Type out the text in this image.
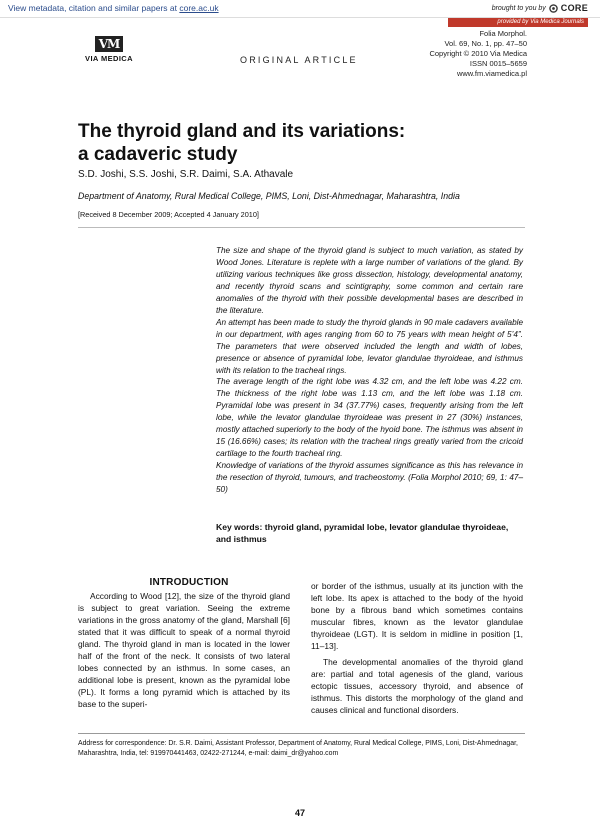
View metadata, citation and similar papers at core.ac.uk	brought to you by CORE
provided by Via Medica Journals
VM
VIA MEDICA	ORIGINAL ARTICLE
Folia Morphol.
Vol. 69, No. 1, pp. 47–50
Copyright © 2010 Via Medica
ISSN 0015–5659
www.fm.viamedica.pl
The thyroid gland and its variations:
a cadaveric study
S.D. Joshi, S.S. Joshi, S.R. Daimi, S.A. Athavale
Department of Anatomy, Rural Medical College, PIMS, Loni, Dist-Ahmednagar, Maharashtra, India
[Received 8 December 2009; Accepted 4 January 2010]

The size and shape of the thyroid gland is subject to much variation, as stated by Wood Jones. Literature is replete with a large number of variations of the gland. By utilizing various techniques like gross dissection, histology, developmental anatomy, and recently thyroid scans and scintigraphy, some common and certain rare anomalies of the thyroid with their possible developmental bases are described in the literature.

An attempt has been made to study the thyroid glands in 90 male cadavers available in our department, with ages ranging from 60 to 75 years with mean height of 5’4”. The parameters that were observed included the length and width of lobes, presence or absence of pyramidal lobe, levator glandulae thyroideae, and isthmus with its relation to the tracheal rings.

The average length of the right lobe was 4.32 cm, and the left lobe was 4.22 cm. The thickness of the right lobe was 1.13 cm, and the left lobe was 1.18 cm. Pyramidal lobe was present in 34 (37.77%) cases, frequently arising from the left lobe, while the levator glandulae thyroideae was present in 27 (30%) instances, mostly attached superiorly to the body of the hyoid bone. The isthmus was absent in 15 (16.66%) cases; its relation with the tracheal rings greatly varied from the cricoid cartilage to the fourth tracheal ring.

Knowledge of variations of the thyroid assumes significance as this has relevance in the resection of thyroid, tumours, and tracheostomy. (Folia Morphol 2010; 69, 1: 47–50)

Key words: thyroid gland, pyramidal lobe, levator glandulae thyroideae, and isthmus
INTRODUCTION

According to Wood [12], the size of the thyroid gland is subject to great variation. Seeing the extreme variations in the gross anatomy of the gland, Marshall [6] stated that it was difficult to speak of a normal thyroid gland. The thyroid gland in man is located in the lower half of the front of the neck. It consists of two lateral lobes connected by an isthmus. In some cases, an additional lobe is present, known as the pyramidal lobe (PL). It forms a long pyramid which is attached by its base to the superi-

or border of the isthmus, usually at its junction with the left lobe. Its apex is attached to the body of the hyoid bone by a fibrous band which sometimes contains muscular fibres, known as the levator glandulae thyroideae (LGT). It is seldom in midline in position [1, 11–13].

The developmental anomalies of the thyroid gland are: partial and total agenesis of the gland, various ectopic tissues, accessory thyroid, and absence of isthmus. This distorts the morphology of the gland and causes clinical and functional disorders.

Address for correspondence: Dr. S.R. Daimi, Assistant Professor, Department of Anatomy, Rural Medical College, PIMS, Loni, Dist-Ahmednagar, Maharashtra, India, tel: 919970441463, 02422-271244, e-mail: daimi_dr@yahoo.com
47
